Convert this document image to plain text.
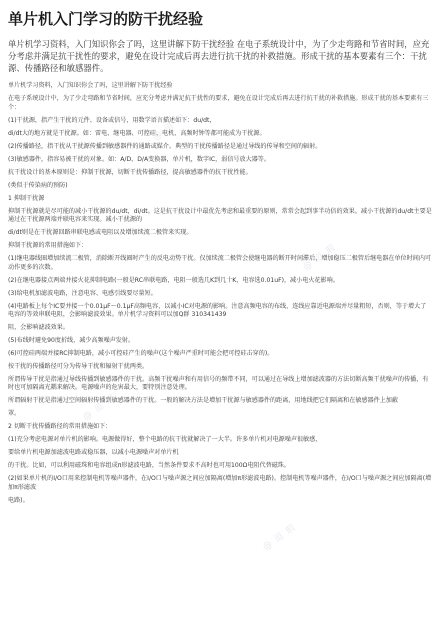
单片机入门学习的防干扰经验
单片机学习资料，入门知识你会了吗，这里讲解下防干扰经验 在电子系统设计中，为了少走弯路和节省时间，应充分考虑并满足抗干扰性的要求，避免在设计完成后再去进行抗干扰的补救措施。形成干扰的基本要素有三个：干扰源、传播路径和敏感器件。
单片机学习资料，入门知识你会了吗，这里讲解下防干扰经验
在电子系统设计中，为了少走弯路和节省时间，应充分考虑并满足抗干扰性的要求，避免在设计完成后再去进行抗干扰的补救措施。形成干扰的基本要素有三个：
(1)干扰源，指产生干扰的元件、设备或信号，用数学语言描述如下：du/dt，
di/dt大的地方就是干扰源。如：雷电、继电器、可控硅、电机、高频时钟等都可能成为干扰源。
(2)传播路径，指干扰从干扰源传播到敏感器件的通路或媒介。典型的干扰传播路径是通过导线的传导和空间的辐射。
(3)敏感器件，指容易被干扰的对象。如：A/D、D/A变换器，单片机，数字IC，弱信号放大器等。
抗干扰设计的基本原则是：抑制干扰源，切断干扰传播路径，提高敏感器件的抗干扰性能。
(类似于传染病的预防)
1 抑制干扰源
抑制干扰源就是尽可能的减小干扰源的du/dt，di/dt。这是抗干扰设计中最优先考虑和最重要的原则，常常会起到事半功倍的效果。减小干扰源的du/dt主要是通过在干扰源两端并联电容来实现。减小干扰源的
di/dt则是在干扰源回路串联电感或电阻以及增加续流二极管来实现。
抑制干扰源的常用措施如下：
(1)继电器线圈增加续流二极管，消除断开线圈时产生的反电动势干扰。仅加续流二极管会使继电器的断开时间滞后，增加稳压二极管后继电器在单位时间内可动作更多的次数。
(2)在继电器接点两端并接火花抑制电路(一般是RC串联电路，电阻一般选几K到几十K，电容选0.01uF)，减小电火花影响。
(3)给电机加滤波电路，注意电容、电感引线要尽量短。
(4)电路板上每个IC要并接一个0.01μF～0.1μF高频电容，以减小IC对电源的影响。注意高频电容的布线，连线应靠近电源端并尽量粗短，否则，等于增大了电容的等效串联电阻，会影响滤波效果。单片机学习资料可以加Q群 310341439
阻，会影响滤波效果。
(5)布线时避免90度折线，减少高频噪声发射。
(6)可控硅两端并接RC抑制电路，减小可控硅产生的噪声(这个噪声严重时可能会把可控硅击穿的)。
按干扰的传播路径可分为传导干扰和辐射干扰两类。
所谓传导干扰是指通过导线传播到敏感器件的干扰。高频干扰噪声和有用信号的频带不同，可以通过在导线上增加滤波器的方法切断高频干扰噪声的传播，有时也可加隔离光耦来解决。电源噪声的危害最大，要特别注意处理。
所谓辐射干扰是指通过空间辐射传播到敏感器件的干扰。一般的解决方法是增加干扰源与敏感器件的距离，用地线把它们隔离和在敏感器件上加蔽
罩。
2 切断干扰传播路径的常用措施如下：
(1)充分考虑电源对单片机的影响。电源做得好，整个电路的抗干扰就解决了一大半。许多单片机对电源噪声很敏感，
要给单片机电源加滤波电路或稳压器，以减小电源噪声对单片机
的干扰。比如，可以利用磁珠和电容组成π形滤波电路，当然条件要求不高时也可用100Ω电阻代替磁珠。
(2)如果单片机的I/O口用来控制电机等噪声器件，在I/O口与噪声源之间应加隔离(增加π形滤波电路)。控制电机等噪声器件，在I/O口与噪声源之间应加隔离(增加π形滤波
电路)。
@ 道 瑕
@ 道 瑕
@ 道 瑕
@ 道 瑕
